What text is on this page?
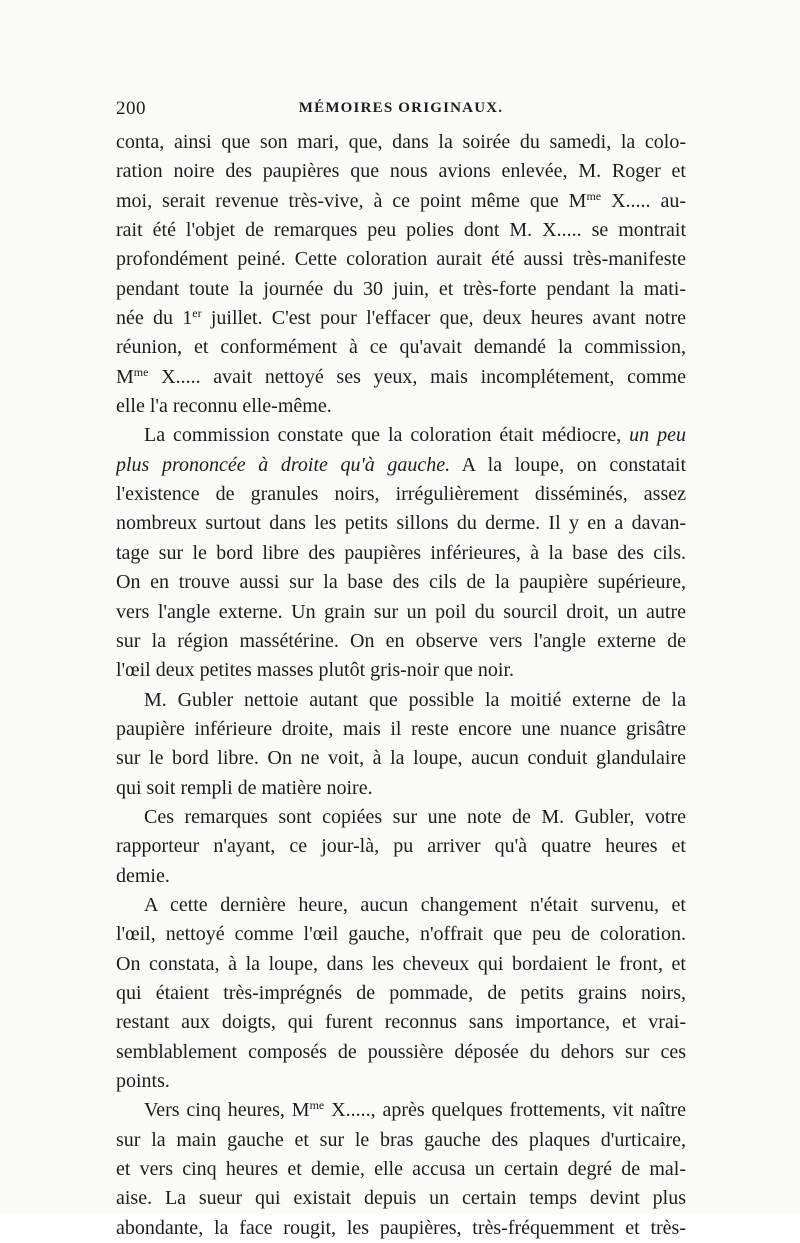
200	MÉMOIRES ORIGINAUX.
conta, ainsi que son mari, que, dans la soirée du samedi, la colo-
ration noire des paupières que nous avions enlevée, M. Roger et
moi, serait revenue très-vive, à ce point même que $M^{me}$ X..... au-
rait été l'objet de remarques peu polies dont M. X..... se montrait
profondément peiné. Cette coloration aurait été aussi très-manifeste
pendant toute la journée du 30 juin, et très-forte pendant la mati-
née du 1er juillet. C'est pour l'effacer que, deux heures avant notre
réunion, et conformément à ce qu'avait demandé la commission,
$M^{me}$ X..... avait nettoyé ses yeux, mais incomplétement, comme
elle l'a reconnu elle-même.
La commission constate que la coloration était médiocre, un peu
plus prononcée à droite qu'à gauche. A la loupe, on constatait
l'existence de granules noirs, irrégulièrement disséminés, assez
nombreux surtout dans les petits sillons du derme. Il y en a davan-
tage sur le bord libre des paupières inférieures, à la base des cils.
On en trouve aussi sur la base des cils de la paupière supérieure,
vers l'angle externe. Un grain sur un poil du sourcil droit, un autre
sur la région massétérine. On en observe vers l'angle externe de
l'œil deux petites masses plutôt gris-noir que noir.
M. Gubler nettoie autant que possible la moitié externe de la
paupière inférieure droite, mais il reste encore une nuance grisâtre
sur le bord libre. On ne voit, à la loupe, aucun conduit glandulaire
qui soit rempli de matière noire.
Ces remarques sont copiées sur une note de M. Gubler, votre
rapporteur n'ayant, ce jour-là, pu arriver qu'à quatre heures et
demie.
A cette dernière heure, aucun changement n'était survenu, et
l'œil, nettoyé comme l'œil gauche, n'offrait que peu de coloration.
On constata, à la loupe, dans les cheveux qui bordaient le front, et
qui étaient très-imprégnés de pommade, de petits grains noirs,
restant aux doigts, qui furent reconnus sans importance, et vrai-
semblablement composés de poussière déposée du dehors sur ces
points.
Vers cinq heures, $M^{me}$ X....., après quelques frottements, vit naître
sur la main gauche et sur le bras gauche des plaques d'urticaire,
et vers cinq heures et demie, elle accusa un certain degré de mal-
aise. La sueur qui existait depuis un certain temps devint plus
abondante, la face rougit, les paupières, très-fréquemment et très-
